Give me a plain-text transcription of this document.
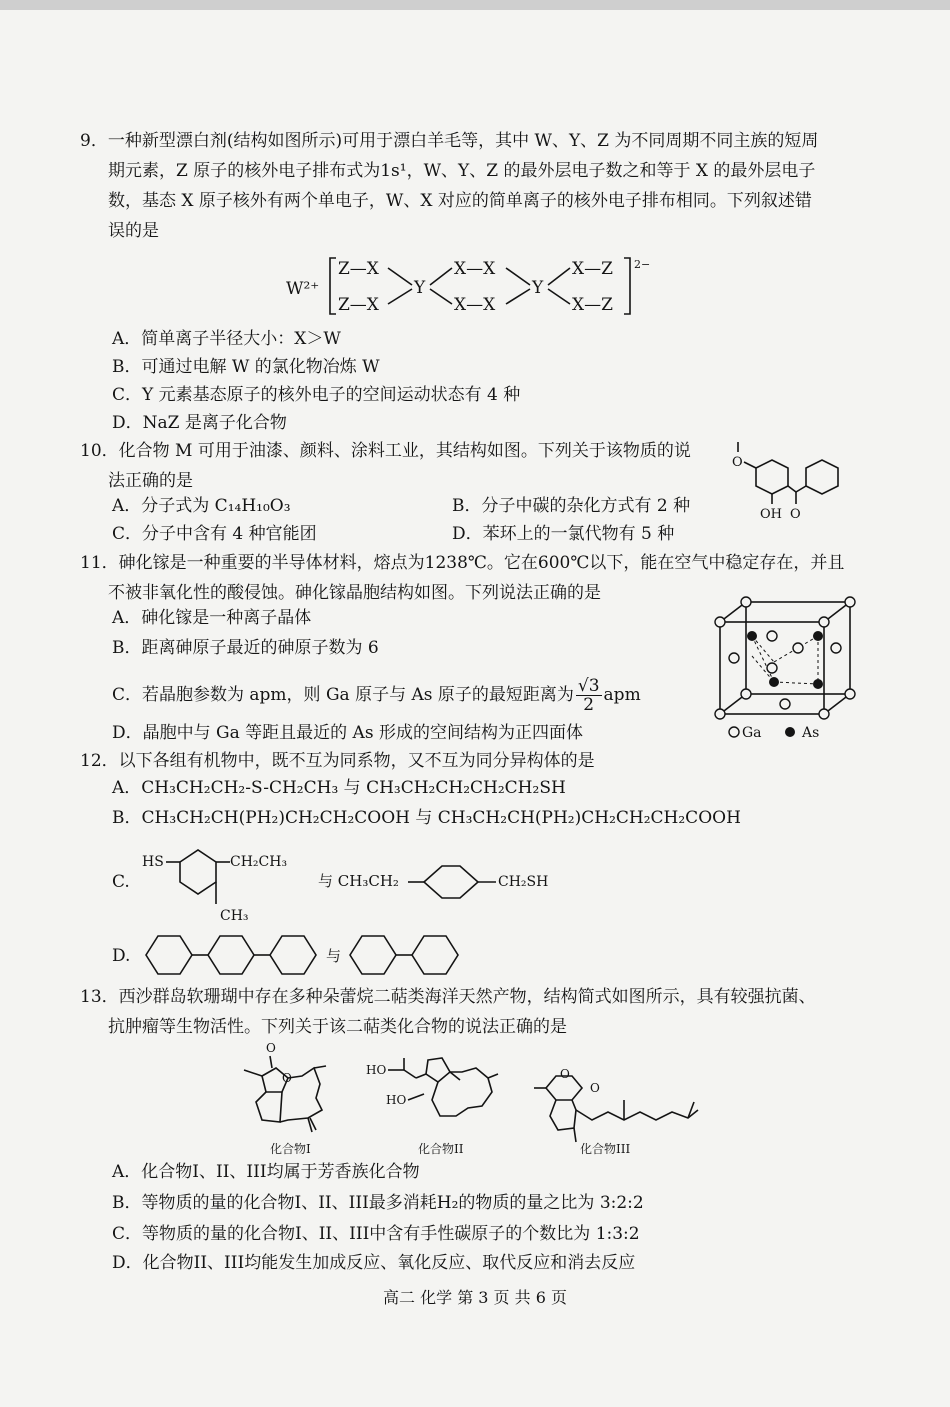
9．一种新型漂白剂(结构如图所示)可用于漂白羊毛等，其中 W、Y、Z 为不同周期不同主族的短周
期元素，Z 原子的核外电子排布式为1s¹，W、Y、Z 的最外层电子数之和等于 X 的最外层电子
数，基态 X 原子核外有两个单电子，W、X 对应的简单离子的核外电子排布相同。下列叙述错
误的是
W²⁺
Z—X
Z—X
Y
X—X
X—X
Y
X—Z
X—Z
2−
A．简单离子半径大小：X＞W
B．可通过电解 W 的氯化物冶炼 W
C．Y 元素基态原子的核外电子的空间运动状态有 4 种
D．NaZ 是离子化合物
10．化合物 M 可用于油漆、颜料、涂料工业，其结构如图。下列关于该物质的说
法正确的是
A．分子式为 C₁₄H₁₀O₃	B．分子中碳的杂化方式有 2 种
C．分子中含有 4 种官能团	D．苯环上的一氯代物有 5 种
O
OH O
11．砷化镓是一种重要的半导体材料，熔点为1238℃。它在600℃以下，能在空气中稳定存在，并且
不被非氧化性的酸侵蚀。砷化镓晶胞结构如图。下列说法正确的是
A．砷化镓是一种离子晶体
B．距离砷原子最近的砷原子数为 6
C．若晶胞参数为 apm，则 Ga 原子与 As 原子的最短距离为 $\frac{√3}{2}$ apm
D．晶胞中与 Ga 等距且最近的 As 形成的空间结构为正四面体	Ga	As
12．以下各组有机物中，既不互为同系物，又不互为同分异构体的是
A．CH₃CH₂CH₂-S-CH₂CH₃ 与 CH₃CH₂CH₂CH₂CH₂SH
B．CH₃CH₂CH(PH₂)CH₂CH₂COOH 与 CH₃CH₂CH(PH₂)CH₂CH₂CH₂COOH
C.
HS	CH₂CH₃
CH₃
与 CH₃CH₂	CH₂SH
D.	与
13．西沙群岛软珊瑚中存在多种朵蕾烷二萜类海洋天然产物，结构简式如图所示，具有较强抗菌、
抗肿瘤等生物活性。下列关于该二萜类化合物的说法正确的是
O
O
化合物I
HO
HO
化合物II
O
O
化合物III
A．化合物I、II、III均属于芳香族化合物
B．等物质的量的化合物I、II、III最多消耗H₂的物质的量之比为 3:2:2
C．等物质的量的化合物I、II、III中含有手性碳原子的个数比为 1:3:2
D．化合物II、III均能发生加成反应、氧化反应、取代反应和消去反应
高二 化学 第 3 页 共 6 页
